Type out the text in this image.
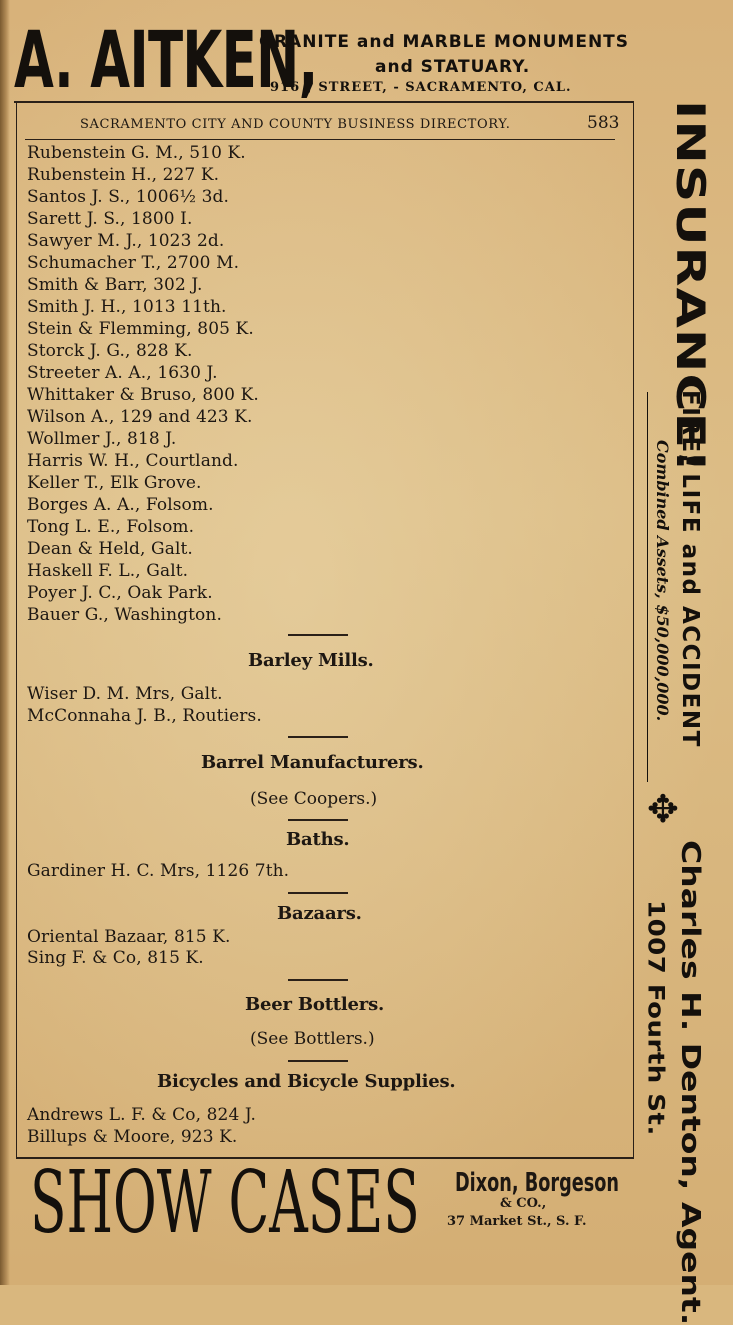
A. AITKEN,
GRANITE and MARBLE MONUMENTS
and STATUARY.
916 J STREET, - SACRAMENTO, CAL.
SACRAMENTO CITY AND COUNTY BUSINESS DIRECTORY.	583
Rubenstein G. M., 510 K.
Rubenstein H., 227 K.
Santos J. S., 1006½ 3d.
Sarett J. S., 1800 I.
Sawyer M. J., 1023 2d.
Schumacher T., 2700 M.
Smith & Barr, 302 J.
Smith J. H., 1013 11th.
Stein & Flemming, 805 K.
Storck J. G., 828 K.
Streeter A. A., 1630 J.
Whittaker & Bruso, 800 K.
Wilson A., 129 and 423 K.
Wollmer J., 818 J.
Harris W. H., Courtland.
Keller T., Elk Grove.
Borges A. A., Folsom.
Tong L. E., Folsom.
Dean & Held, Galt.
Haskell F. L., Galt.
Poyer J. C., Oak Park.
Bauer G., Washington.
Barley Mills.
Wiser D. M. Mrs, Galt.
McConnaha J. B., Routiers.
Barrel Manufacturers.
(See Coopers.)
Baths.
Gardiner H. C. Mrs, 1126 7th.
Bazaars.
Oriental Bazaar, 815 K.
Sing F. & Co, 815 K.
Beer Bottlers.
(See Bottlers.)
Bicycles and Bicycle Supplies.
Andrews L. F. & Co, 824 J.
Billups & Moore, 923 K.
INSURANCE!
FIRE, LIFE and ACCIDENT
Combined Assets, $50,000,000.
✥
Charles H. Denton, Agent.
1007 Fourth St.
SHOW CASES Dixon, Borgeson
& CO.,
37 Market St., S. F.
